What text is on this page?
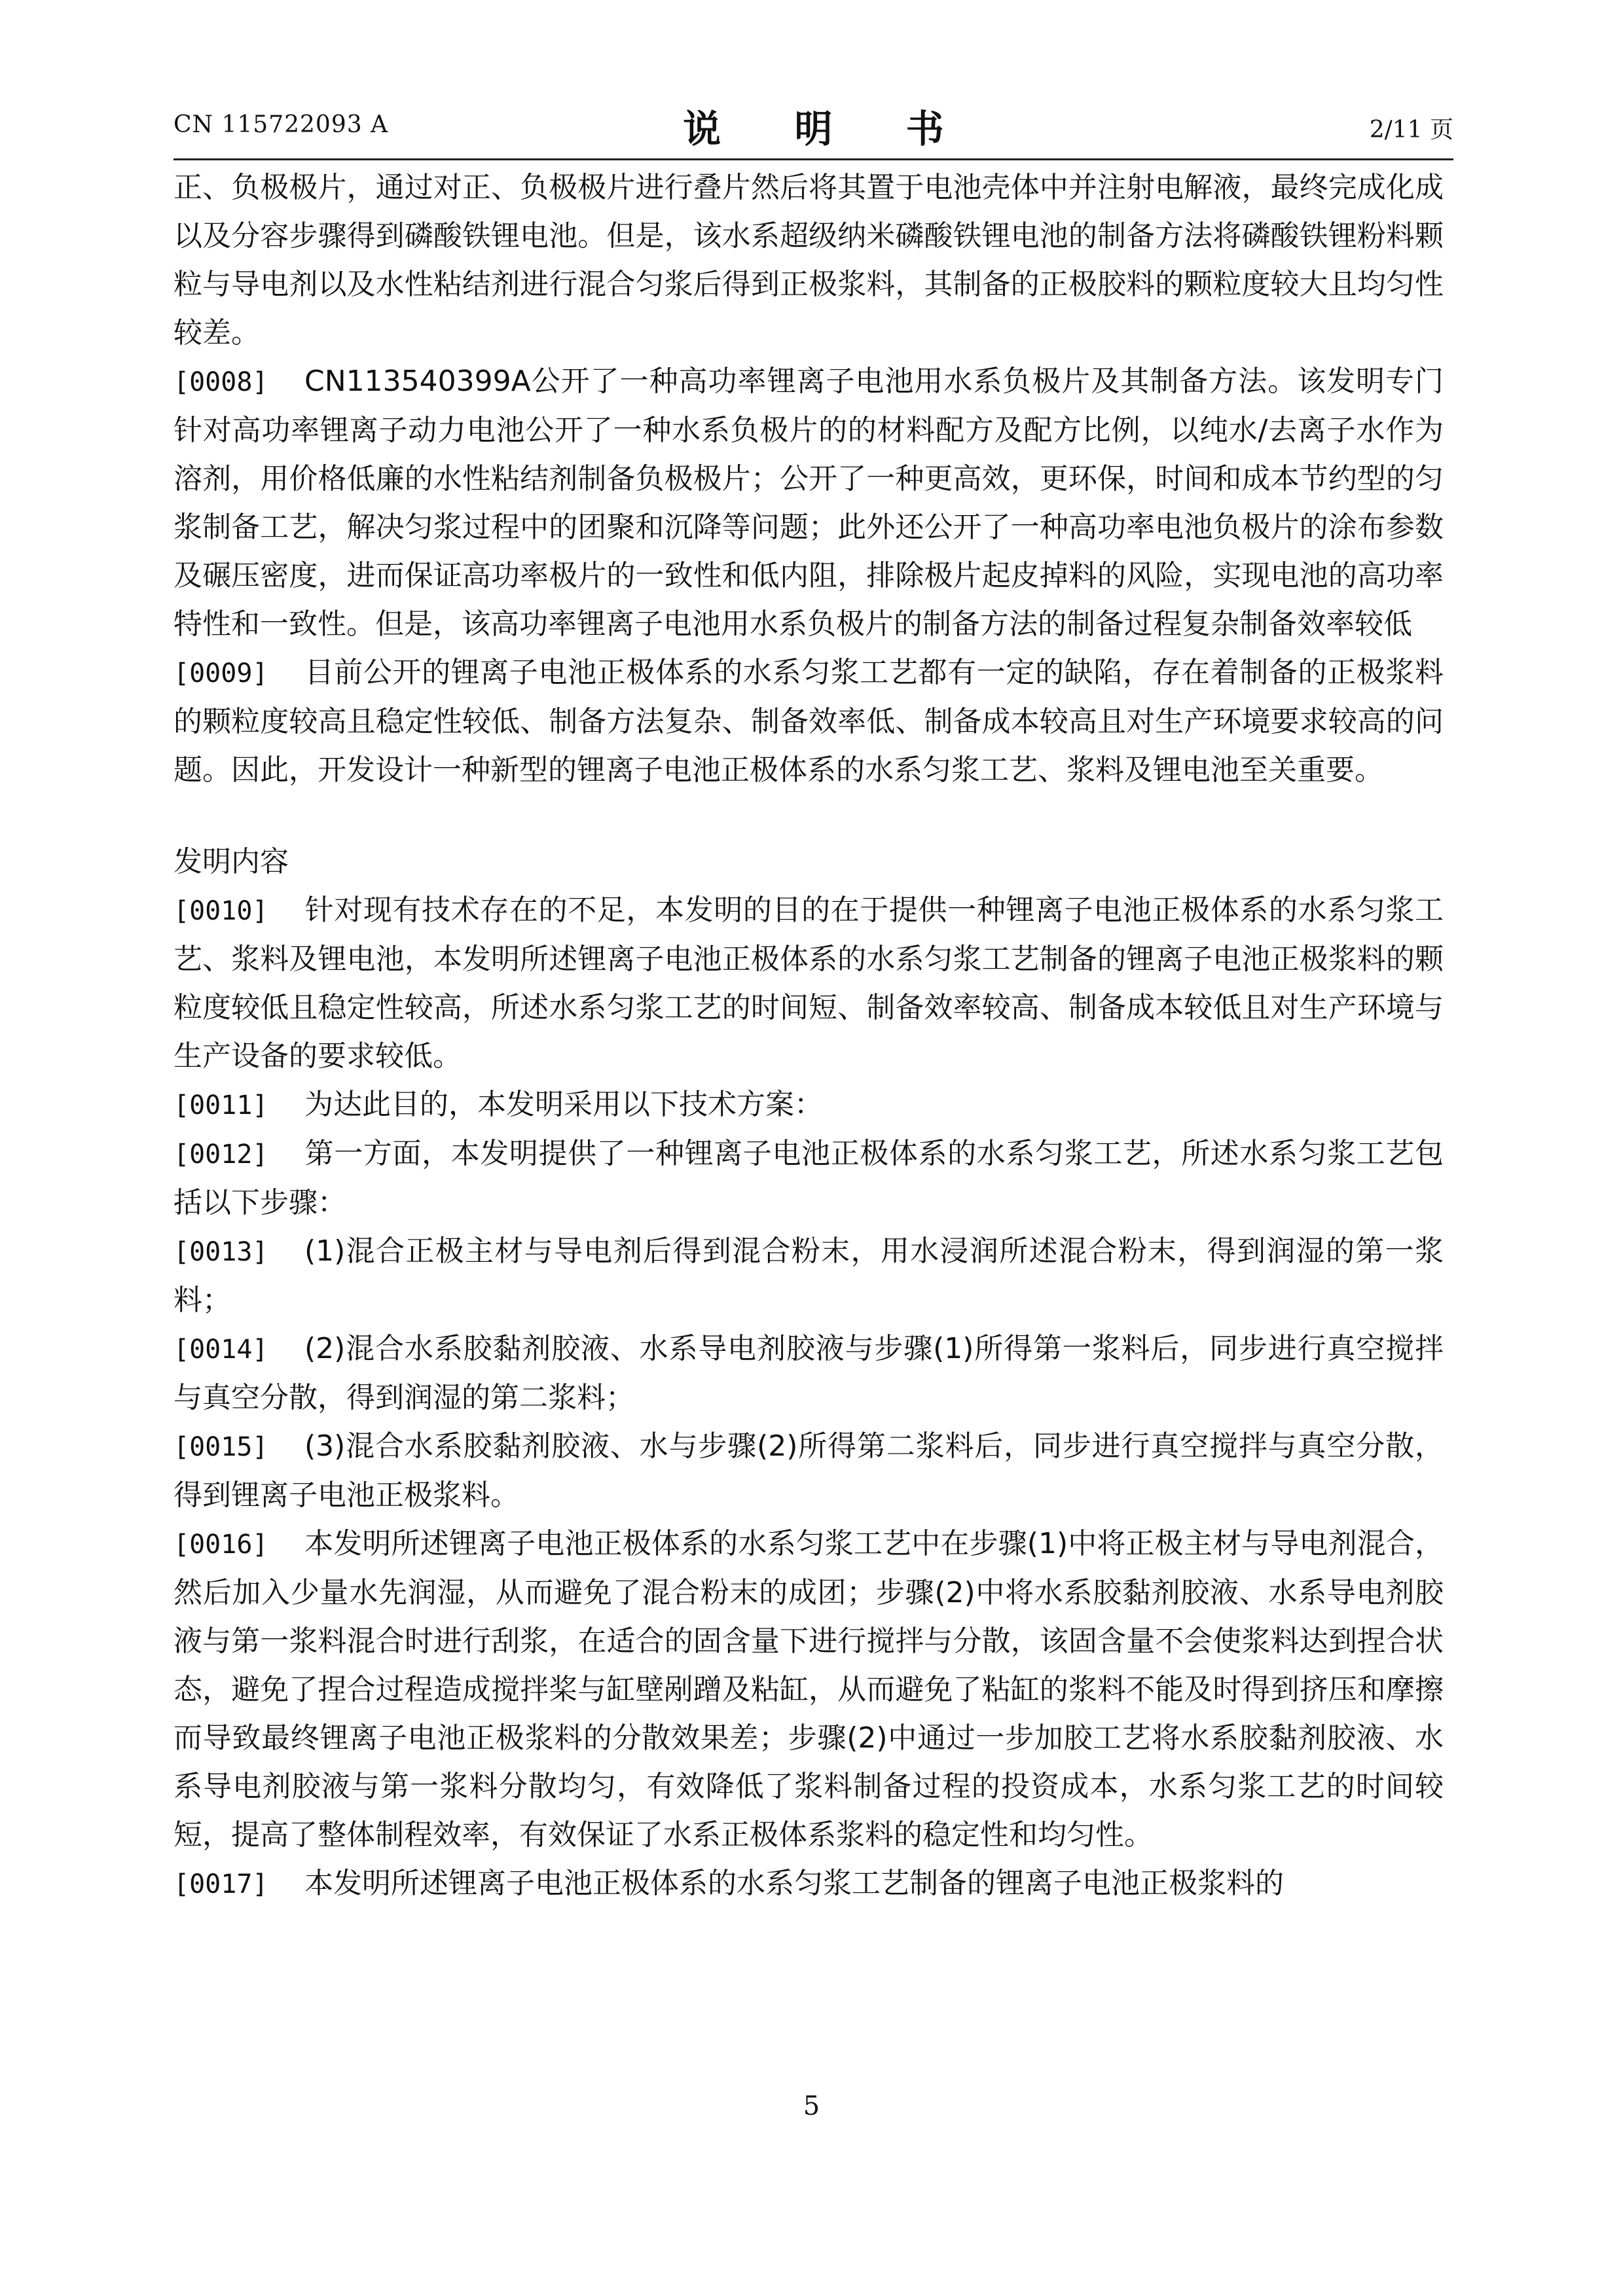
CN 115722093 A	说 明 书	2/11 页

正、负极极片，通过对正、负极极片进行叠片然后将其置于电池壳体中并注射电解液，最终完成化成以及分容步骤得到磷酸铁锂电池。但是，该水系超级纳米磷酸铁锂电池的制备方法将磷酸铁锂粉料颗粒与导电剂以及水性粘结剂进行混合匀浆后得到正极浆料，其制备的正极胶料的颗粒度较大且均匀性较差。

[0008] CN113540399A公开了一种高功率锂离子电池用水系负极片及其制备方法。该发明专门针对高功率锂离子动力电池公开了一种水系负极片的的材料配方及配方比例，以纯水/去离子水作为溶剂，用价格低廉的水性粘结剂制备负极极片；公开了一种更高效，更环保，时间和成本节约型的匀浆制备工艺，解决匀浆过程中的团聚和沉降等问题；此外还公开了一种高功率电池负极片的涂布参数及碾压密度，进而保证高功率极片的一致性和低内阻，排除极片起皮掉料的风险，实现电池的高功率特性和一致性。但是，该高功率锂离子电池用水系负极片的制备方法的制备过程复杂制备效率较低

[0009] 目前公开的锂离子电池正极体系的水系匀浆工艺都有一定的缺陷，存在着制备的正极浆料的颗粒度较高且稳定性较低、制备方法复杂、制备效率低、制备成本较高且对生产环境要求较高的问题。因此，开发设计一种新型的锂离子电池正极体系的水系匀浆工艺、浆料及锂电池至关重要。

发明内容

[0010] 针对现有技术存在的不足，本发明的目的在于提供一种锂离子电池正极体系的水系匀浆工艺、浆料及锂电池，本发明所述锂离子电池正极体系的水系匀浆工艺制备的锂离子电池正极浆料的颗粒度较低且稳定性较高，所述水系匀浆工艺的时间短、制备效率较高、制备成本较低且对生产环境与生产设备的要求较低。

[0011] 为达此目的，本发明采用以下技术方案：

[0012] 第一方面，本发明提供了一种锂离子电池正极体系的水系匀浆工艺，所述水系匀浆工艺包括以下步骤：

[0013] (1)混合正极主材与导电剂后得到混合粉末，用水浸润所述混合粉末，得到润湿的第一浆料；

[0014] (2)混合水系胶黏剂胶液、水系导电剂胶液与步骤(1)所得第一浆料后，同步进行真空搅拌与真空分散，得到润湿的第二浆料；

[0015] (3)混合水系胶黏剂胶液、水与步骤(2)所得第二浆料后，同步进行真空搅拌与真空分散，得到锂离子电池正极浆料。

[0016] 本发明所述锂离子电池正极体系的水系匀浆工艺中在步骤(1)中将正极主材与导电剂混合，然后加入少量水先润湿，从而避免了混合粉末的成团；步骤(2)中将水系胶黏剂胶液、水系导电剂胶液与第一浆料混合时进行刮浆，在适合的固含量下进行搅拌与分散，该固含量不会使浆料达到捏合状态，避免了捏合过程造成搅拌桨与缸壁剐蹭及粘缸，从而避免了粘缸的浆料不能及时得到挤压和摩擦而导致最终锂离子电池正极浆料的分散效果差；步骤(2)中通过一步加胶工艺将水系胶黏剂胶液、水系导电剂胶液与第一浆料分散均匀，有效降低了浆料制备过程的投资成本，水系匀浆工艺的时间较短，提高了整体制程效率，有效保证了水系正极体系浆料的稳定性和均匀性。

[0017] 本发明所述锂离子电池正极体系的水系匀浆工艺制备的锂离子电池正极浆料的

5
